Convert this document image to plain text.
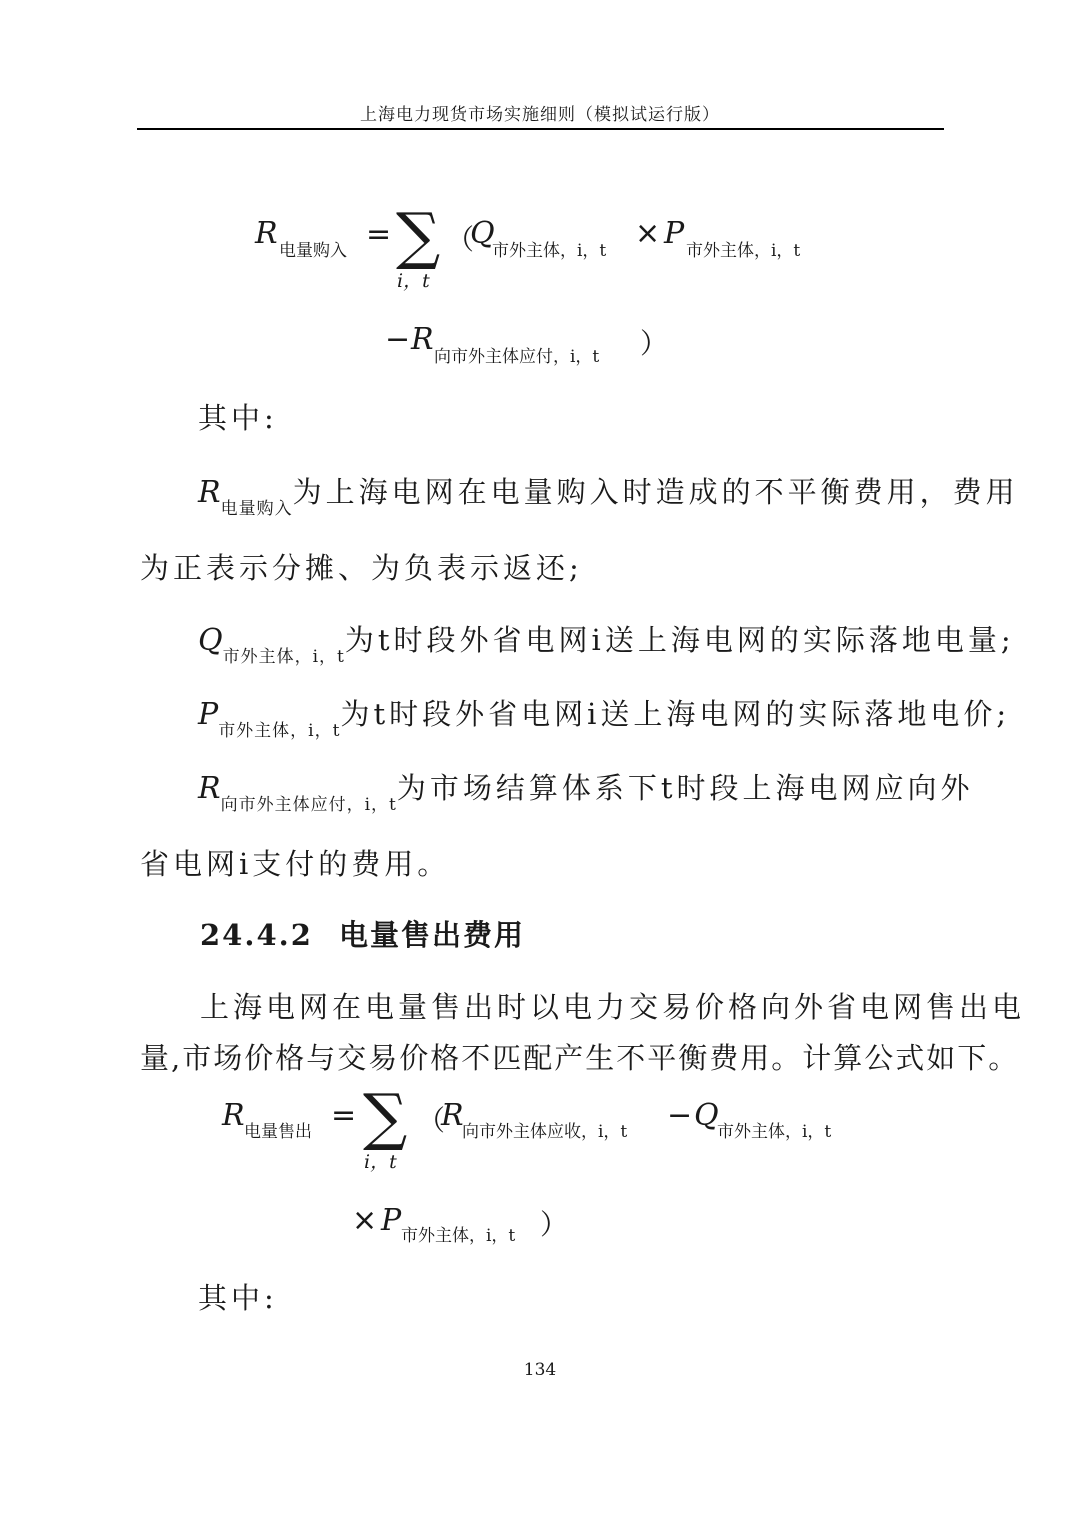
上海电力现货市场实施细则（模拟试运行版）
R 电量购入 = ∑
i，t
（
Q
市外主体，i，t × P 市外主体，i，t
− R 向市外主体应付，i，t ）
其中:
$R_{电量购入}$为上海电网在电量购入时造成的不平衡费用，费用
为正表示分摊、为负表示返还;
$Q_{市外主体,i,t}$为t时段外省电网i送上海电网的实际落地电量;
$P_{市外主体,i,t}$为t时段外省电网i送上海电网的实际落地电价;
$R_{向市外主体应付,i,t}$为市场结算体系下t时段上海电网应向外
省电网i支付的费用。
24.4.2 电量售出费用
上海电网在电量售出时以电力交易价格向外省电网售出电
量,市场价格与交易价格不匹配产生不平衡费用。计算公式如下。
R 电量售出 = ∑
i，t
（
R
向市外主体应收，i，t − Q
市外主体，i，t
× P 市外主体，i，t ）
其中:
134
